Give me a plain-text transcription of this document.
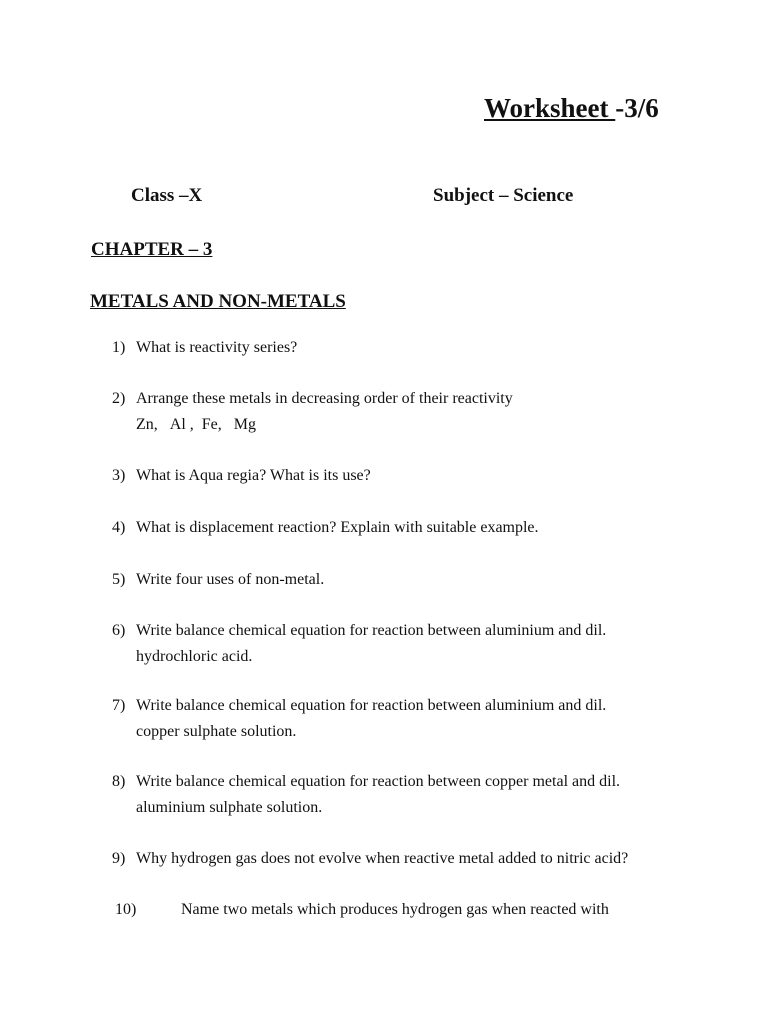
Worksheet -3/6
Class –X	Subject – Science
CHAPTER – 3
METALS AND NON-METALS
1) What is reactivity series?
2) Arrange these metals in decreasing order of their reactivity
Zn,   Al ,  Fe,   Mg
3) What is Aqua regia? What is its use?
4) What is displacement reaction? Explain with suitable example.
5) Write four uses of non-metal.
6) Write balance chemical equation for reaction between aluminium and dil.
hydrochloric acid.
7) Write balance chemical equation for reaction between aluminium and dil.
copper sulphate solution.
8) Write balance chemical equation for reaction between copper metal and dil.
aluminium sulphate solution.
9) Why hydrogen gas does not evolve when reactive metal added to nitric acid?
10)	Name two metals which produces hydrogen gas when reacted with
